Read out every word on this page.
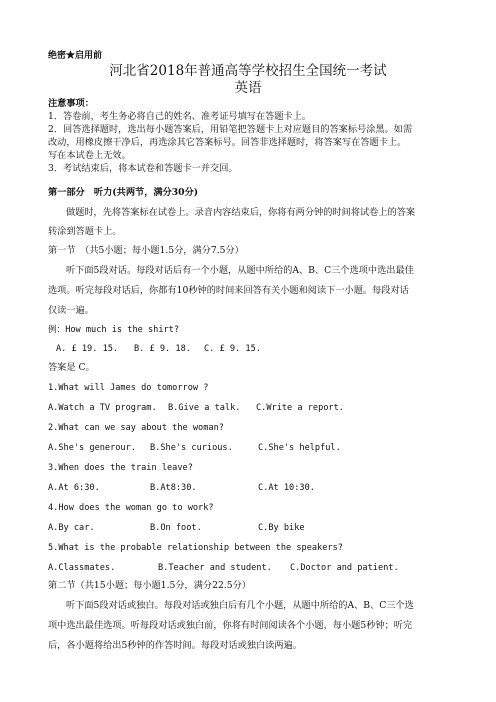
绝密★启用前
河北省2018年普通高等学校招生全国统一考试
英语
注意事项：
1．答卷前，考生务必将自己的姓名、准考证号填写在答题卡上。
2．回答选择题时，选出每小题答案后，用铅笔把答题卡上对应题目的答案标号涂黑。如需
改动，用橡皮擦干净后，再选涂其它答案标号。回答非选择题时，将答案写在答题卡上。
写在本试卷上无效。
3．考试结束后，将本试卷和答题卡一并交回。
第一部分　听力(共两节，满分30分)
做题时，先将答案标在试卷上。录音内容结束后，你将有两分钟的时间将试卷上的答案
转涂到答题卡上。
第一节　（共5小题；每小题1.5分，满分7.5分）
听下面5段对话。每段对话后有一个小题，从题中所给的A、B、C三个选项中选出最佳
选项。听完每段对话后，你都有10秒钟的时间来回答有关小题和阅读下一小题。每段对话
仅读一遍。
例：How much is the shirt?
A. £ 19. 15. B. £ 9. 18. C. £ 9. 15.
答案是 C。
1.What will James do tomorrow ?
A.Watch a TV program. B.Give a talk. C.Write a report.
2.What can we say about the woman?
A.She's generour. B.She's curious.	C.She's helpful.
3.When does the train leave?
A.At 6:30.	B.At8:30.	C.At 10:30.
4.How does the woman go to work?
A.By car.	B.On foot.	C.By bike
5.What is the probable relationship between the speakers?
A.Classmates.	B.Teacher and student. C.Doctor and patient.
第二节（共15小题；每小题1.5分，满分22.5分）
听下面5段对话或独白。每段对话或独白后有几个小题，从题中所给的A、B、C三个选
项中选出最佳选项。听每段对话或独白前，你将有时间阅读各个小题，每小题5秒钟；听完
后，各小题将给出5秒钟的作答时间。每段对话或独白读两遍。
